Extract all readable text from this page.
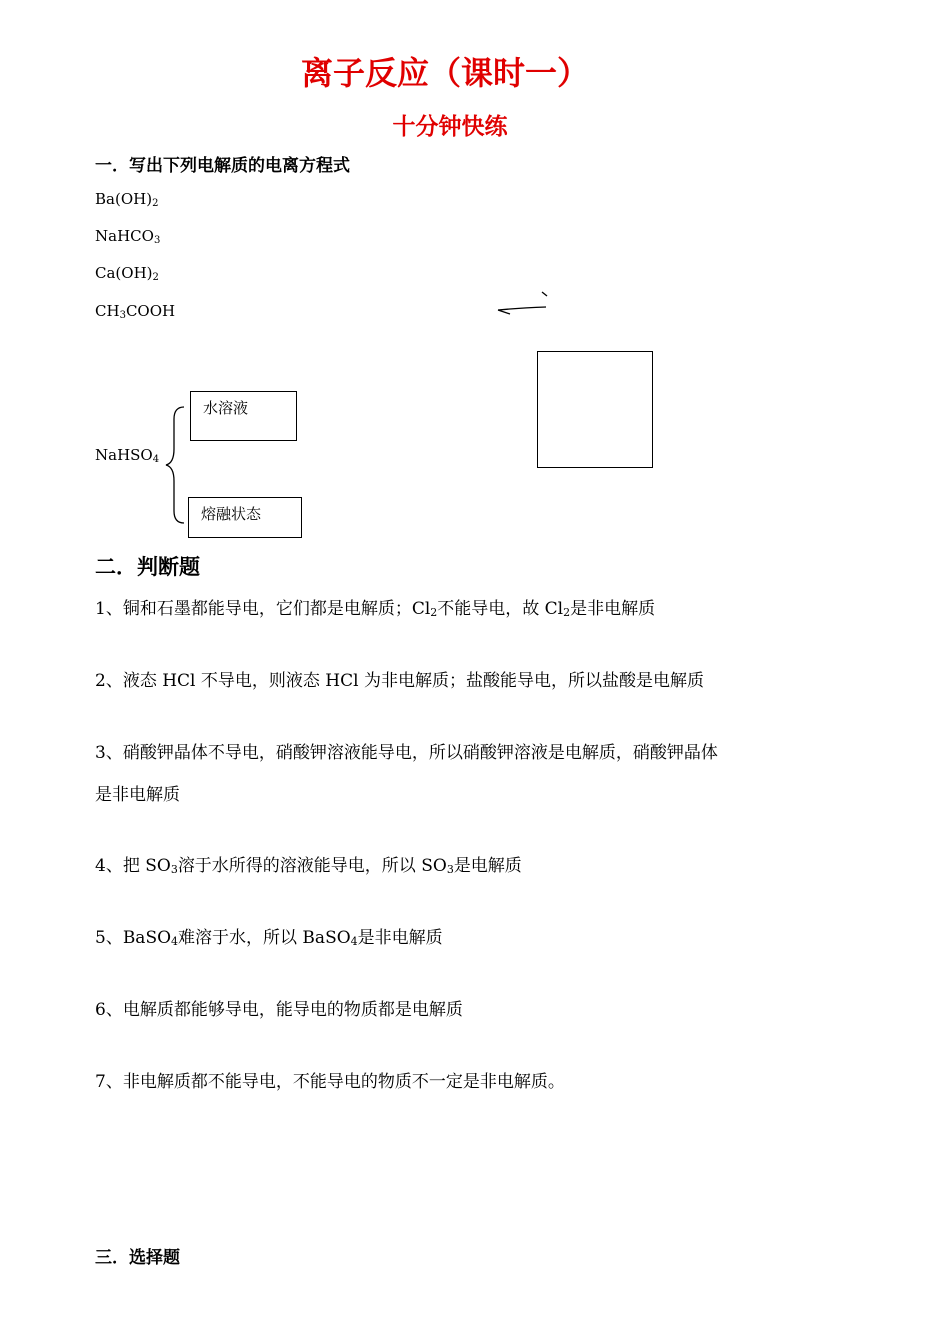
离子反应（课时一）
十分钟快练
一．写出下列电解质的电离方程式
$Ba(OH)_2$
NaHCO$_3$
$Ca(OH)_2$
$CH_3COOH$
NaHSO$_4$
水溶液
熔融状态
二．判断题
1、铜和石墨都能导电，它们都是电解质；$Cl_2$不能导电，故 $Cl_2$是非电解质
2、液态 HCl 不导电，则液态 HCl 为非电解质；盐酸能导电，所以盐酸是电解质
3、硝酸钾晶体不导电，硝酸钾溶液能导电，所以硝酸钾溶液是电解质，硝酸钾晶体
是非电解质
4、把 $SO_3$溶于水所得的溶液能导电，所以 $SO_3$是电解质
5、BaSO$_4$难溶于水，所以 BaSO$_4$是非电解质
6、电解质都能够导电，能导电的物质都是电解质
7、非电解质都不能导电，不能导电的物质不一定是非电解质。
三．选择题
